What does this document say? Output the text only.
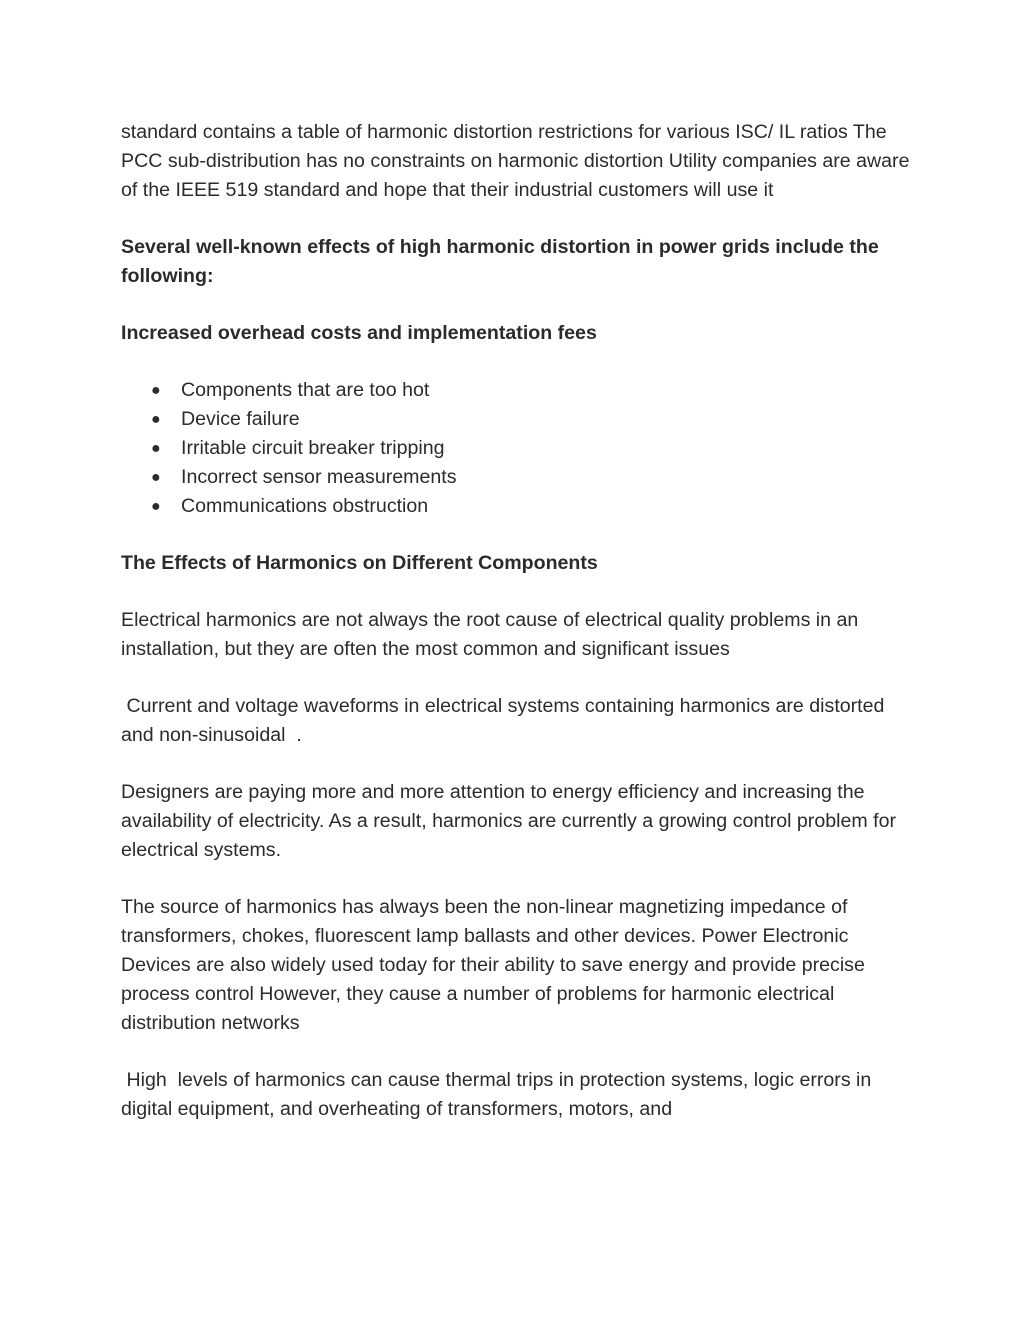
standard contains a table of harmonic distortion restrictions for various ISC/ IL ratios The PCC sub-distribution has no constraints on harmonic distortion Utility companies are aware of the IEEE 519 standard and hope that their industrial customers will use it

Several well-known effects of high harmonic distortion in power grids include the following:

Increased overhead costs and implementation fees

● Components that are too hot
● Device failure
● Irritable circuit breaker tripping
● Incorrect sensor measurements
● Communications obstruction

The Effects of Harmonics on Different Components

Electrical harmonics are not always the root cause of electrical quality problems in an installation, but they are often the most common and significant issues

Current and voltage waveforms in electrical systems containing harmonics are distorted and non-sinusoidal  .

Designers are paying more and more attention to energy efficiency and increasing the availability of electricity. As a result, harmonics are currently a growing control problem for electrical systems.

The source of harmonics has always been the non-linear magnetizing impedance of transformers, chokes, fluorescent lamp ballasts and other devices. Power Electronic Devices are also widely used today for their ability to save energy and provide precise process control However, they cause a number of problems for harmonic electrical distribution networks

High  levels of harmonics can cause thermal trips in protection systems, logic errors in digital equipment, and overheating of transformers, motors, and
